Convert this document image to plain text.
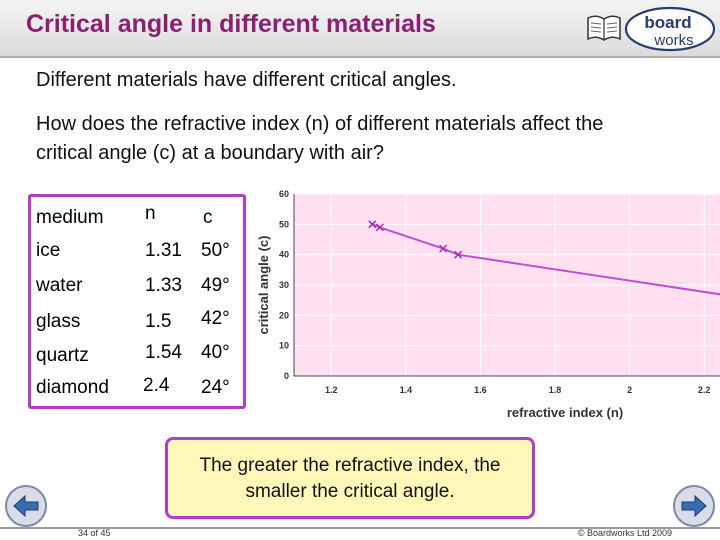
Critical angle in different materials	board
works
Different materials have different critical angles.
How does the refractive index (n) of different materials affect the critical angle (c) at a boundary with air?
medium n c
ice	1.31 50°
water	1.33 49°
glass	1.5 42°
quartz	1.54 40°
diamond 2.4 24°	1.2	1.4	1.6	1.8	2	2.2
0
10
20
30
40
50
60
refractive index (n)
critical angle (c)
The greater the refractive index, the smaller the critical angle.
34 of 45	© Boardworks Ltd 2009
